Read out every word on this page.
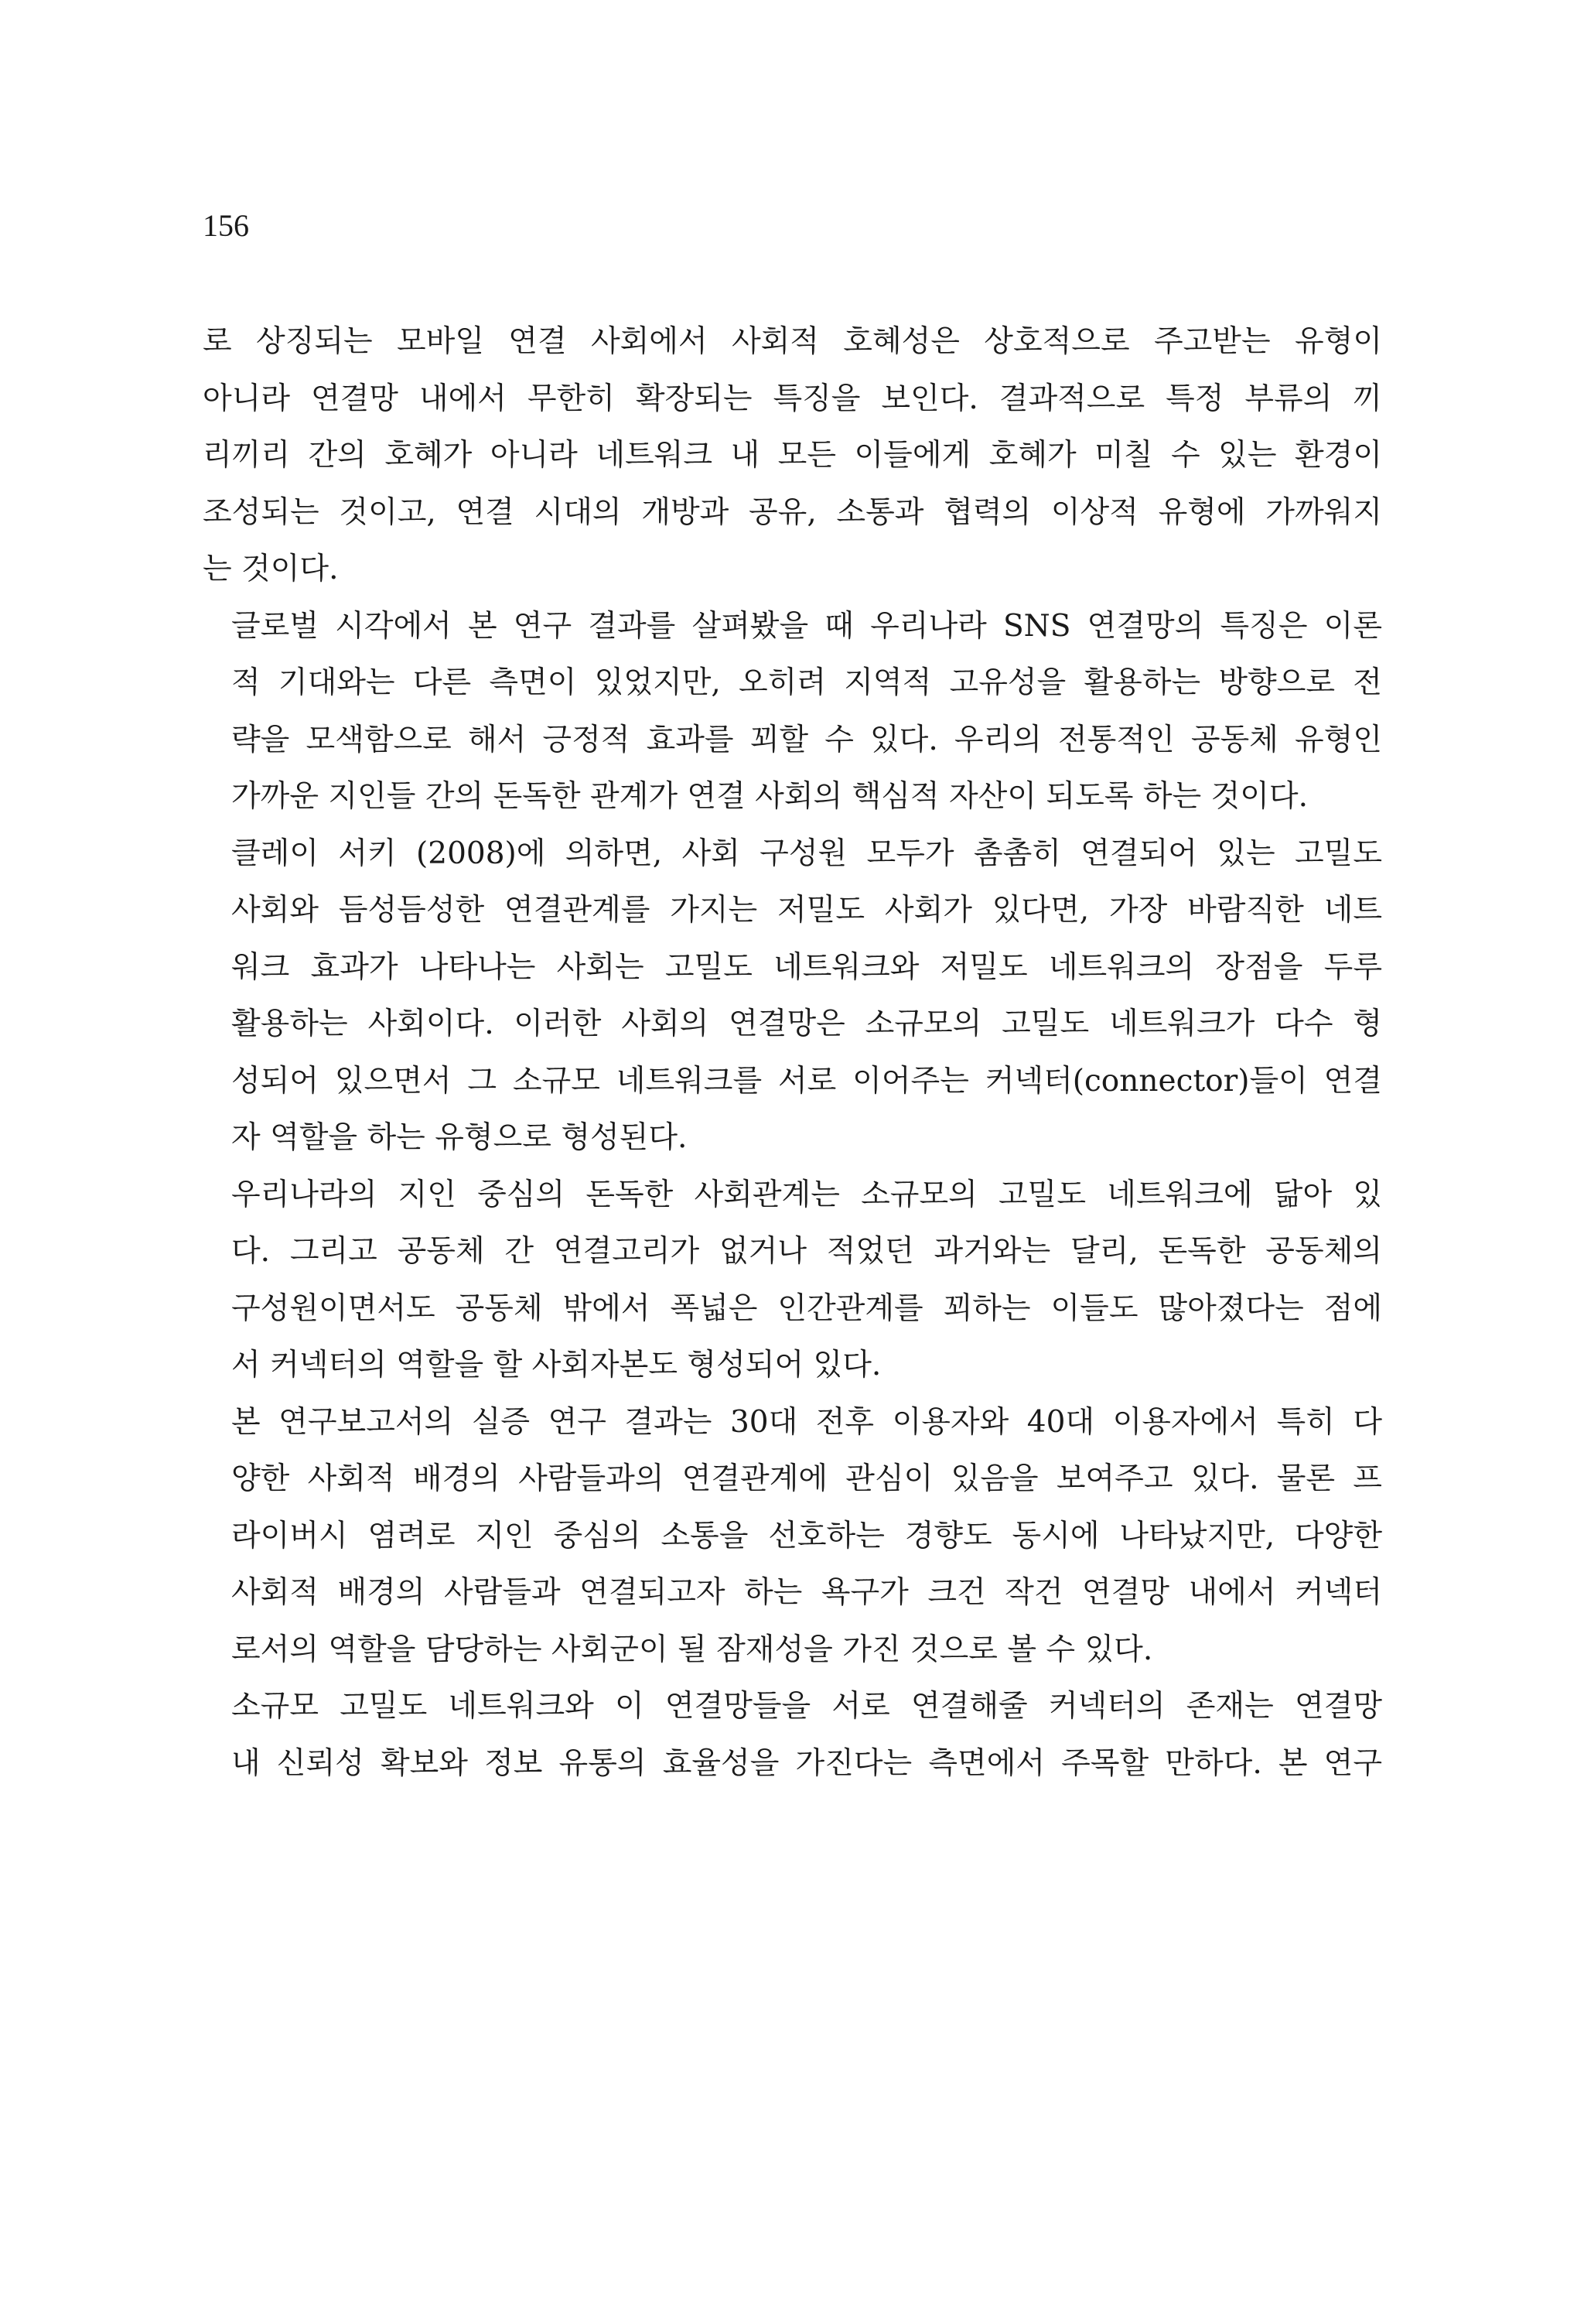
156

로 상징되는 모바일 연결 사회에서 사회적 호혜성은 상호적으로 주고받는 유형이
아니라 연결망 내에서 무한히 확장되는 특징을 보인다. 결과적으로 특정 부류의 끼
리끼리 간의 호혜가 아니라 네트워크 내 모든 이들에게 호혜가 미칠 수 있는 환경이
조성되는 것이고, 연결 시대의 개방과 공유, 소통과 협력의 이상적 유형에 가까워지
는 것이다.

글로벌 시각에서 본 연구 결과를 살펴봤을 때 우리나라 SNS 연결망의 특징은 이론
적 기대와는 다른 측면이 있었지만, 오히려 지역적 고유성을 활용하는 방향으로 전
략을 모색함으로 해서 긍정적 효과를 꾀할 수 있다. 우리의 전통적인 공동체 유형인
가까운 지인들 간의 돈독한 관계가 연결 사회의 핵심적 자산이 되도록 하는 것이다.

클레이 서키 (2008)에 의하면, 사회 구성원 모두가 촘촘히 연결되어 있는 고밀도
사회와 듬성듬성한 연결관계를 가지는 저밀도 사회가 있다면, 가장 바람직한 네트
워크 효과가 나타나는 사회는 고밀도 네트워크와 저밀도 네트워크의 장점을 두루
활용하는 사회이다. 이러한 사회의 연결망은 소규모의 고밀도 네트워크가 다수 형
성되어 있으면서 그 소규모 네트워크를 서로 이어주는 커넥터(connector)들이 연결
자 역할을 하는 유형으로 형성된다.

우리나라의 지인 중심의 돈독한 사회관계는 소규모의 고밀도 네트워크에 닮아 있
다. 그리고 공동체 간 연결고리가 없거나 적었던 과거와는 달리, 돈독한 공동체의
구성원이면서도 공동체 밖에서 폭넓은 인간관계를 꾀하는 이들도 많아졌다는 점에
서 커넥터의 역할을 할 사회자본도 형성되어 있다.

본 연구보고서의 실증 연구 결과는 30대 전후 이용자와 40대 이용자에서 특히 다
양한 사회적 배경의 사람들과의 연결관계에 관심이 있음을 보여주고 있다. 물론 프
라이버시 염려로 지인 중심의 소통을 선호하는 경향도 동시에 나타났지만, 다양한
사회적 배경의 사람들과 연결되고자 하는 욕구가 크건 작건 연결망 내에서 커넥터
로서의 역할을 담당하는 사회군이 될 잠재성을 가진 것으로 볼 수 있다.

소규모 고밀도 네트워크와 이 연결망들을 서로 연결해줄 커넥터의 존재는 연결망
내 신뢰성 확보와 정보 유통의 효율성을 가진다는 측면에서 주목할 만하다. 본 연구
